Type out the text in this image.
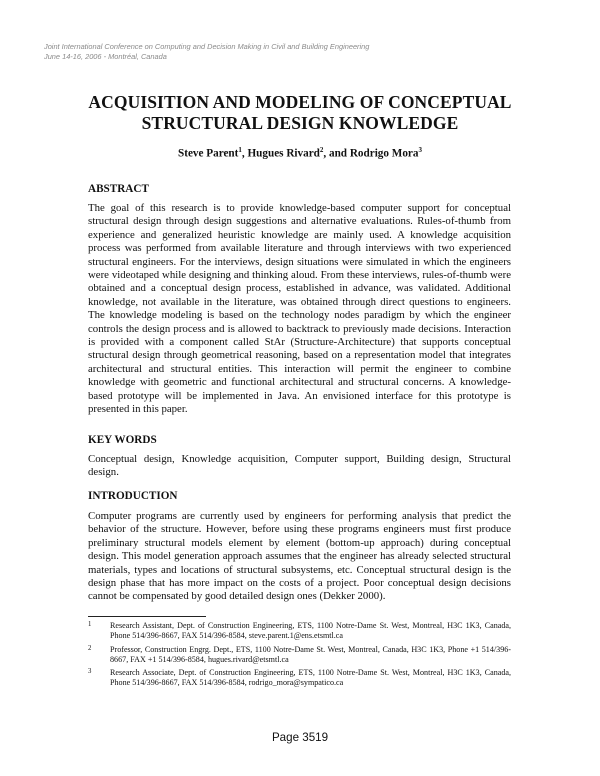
Joint International Conference on Computing and Decision Making in Civil and Building Engineering
June 14-16, 2006 - Montréal, Canada
ACQUISITION AND MODELING OF CONCEPTUAL
STRUCTURAL DESIGN KNOWLEDGE
Steve Parent$^1$, Hugues Rivard$^2$, and Rodrigo Mora$^3$
ABSTRACT
The goal of this research is to provide knowledge-based computer support for conceptual structural design through design suggestions and alternative evaluations. Rules-of-thumb from experience and generalized heuristic knowledge are mainly used. A knowledge acquisition process was performed from available literature and through interviews with two experienced structural engineers. For the interviews, design situations were simulated in which the engineers were videotaped while designing and thinking aloud. From these interviews, rules-of-thumb were obtained and a conceptual design process, established in advance, was validated. Additional knowledge, not available in the literature, was obtained through direct questions to engineers. The knowledge modeling is based on the technology nodes paradigm by which the engineer controls the design process and is allowed to backtrack to previously made decisions. Interaction is provided with a component called StAr (Structure-Architecture) that supports conceptual structural design through geometrical reasoning, based on a representation model that integrates architectural and structural entities. This interaction will permit the engineer to combine knowledge with geometric and functional architectural and structural concerns. A knowledge-based prototype will be implemented in Java. An envisioned interface for this prototype is presented in this paper.
KEY WORDS
Conceptual design, Knowledge acquisition, Computer support, Building design, Structural design.
INTRODUCTION
Computer programs are currently used by engineers for performing analysis that predict the behavior of the structure. However, before using these programs engineers must first produce preliminary structural models element by element (bottom-up approach) during conceptual design. This model generation approach assumes that the engineer has already selected structural materials, types and locations of structural subsystems, etc. Conceptual structural design is the design phase that has more impact on the costs of a project. Poor conceptual design decisions cannot be compensated by good detailed design ones (Dekker 2000).
1 Research Assistant, Dept. of Construction Engineering, ETS, 1100 Notre-Dame St. West, Montreal, H3C 1K3, Canada, Phone 514/396-8667, FAX 514/396-8584, steve.parent.1@ens.etsmtl.ca
2 Professor, Construction Engrg. Dept., ETS, 1100 Notre-Dame St. West, Montreal, Canada, H3C 1K3, Phone +1 514/396-8667, FAX +1 514/396-8584, hugues.rivard@etsmtl.ca
3 Research Associate, Dept. of Construction Engineering, ETS, 1100 Notre-Dame St. West, Montreal, H3C 1K3, Canada, Phone 514/396-8667, FAX 514/396-8584, rodrigo_mora@sympatico.ca
Page 3519
